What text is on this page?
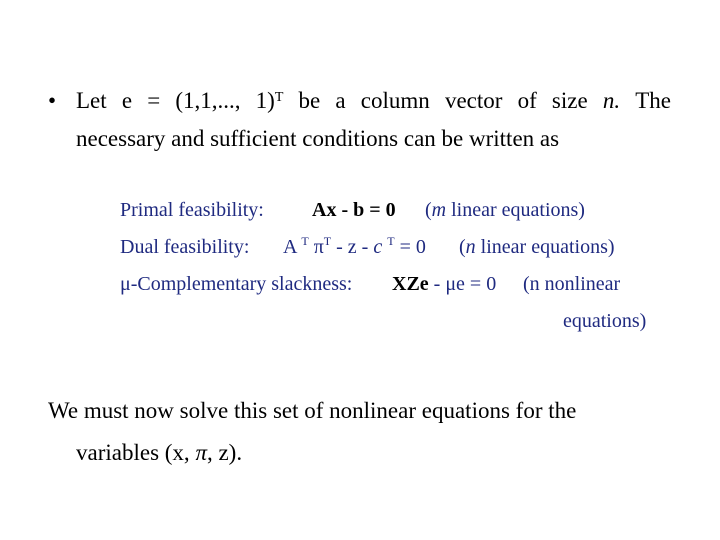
• Let e = (1,1,..., 1)$^T$ be a column vector of size n. The
necessary and sufficient conditions can be written as
Primal feasibility: Ax - b = 0 (m linear equations)
Dual feasibility: A $^T$ $\pi^T$ - z - c $^T$ = 0 (n linear equations)
μ-Complementary slackness: XZe - μe = 0 (n nonlinear
equations)
We must now solve this set of nonlinear equations for the
variables (x, π, z).
